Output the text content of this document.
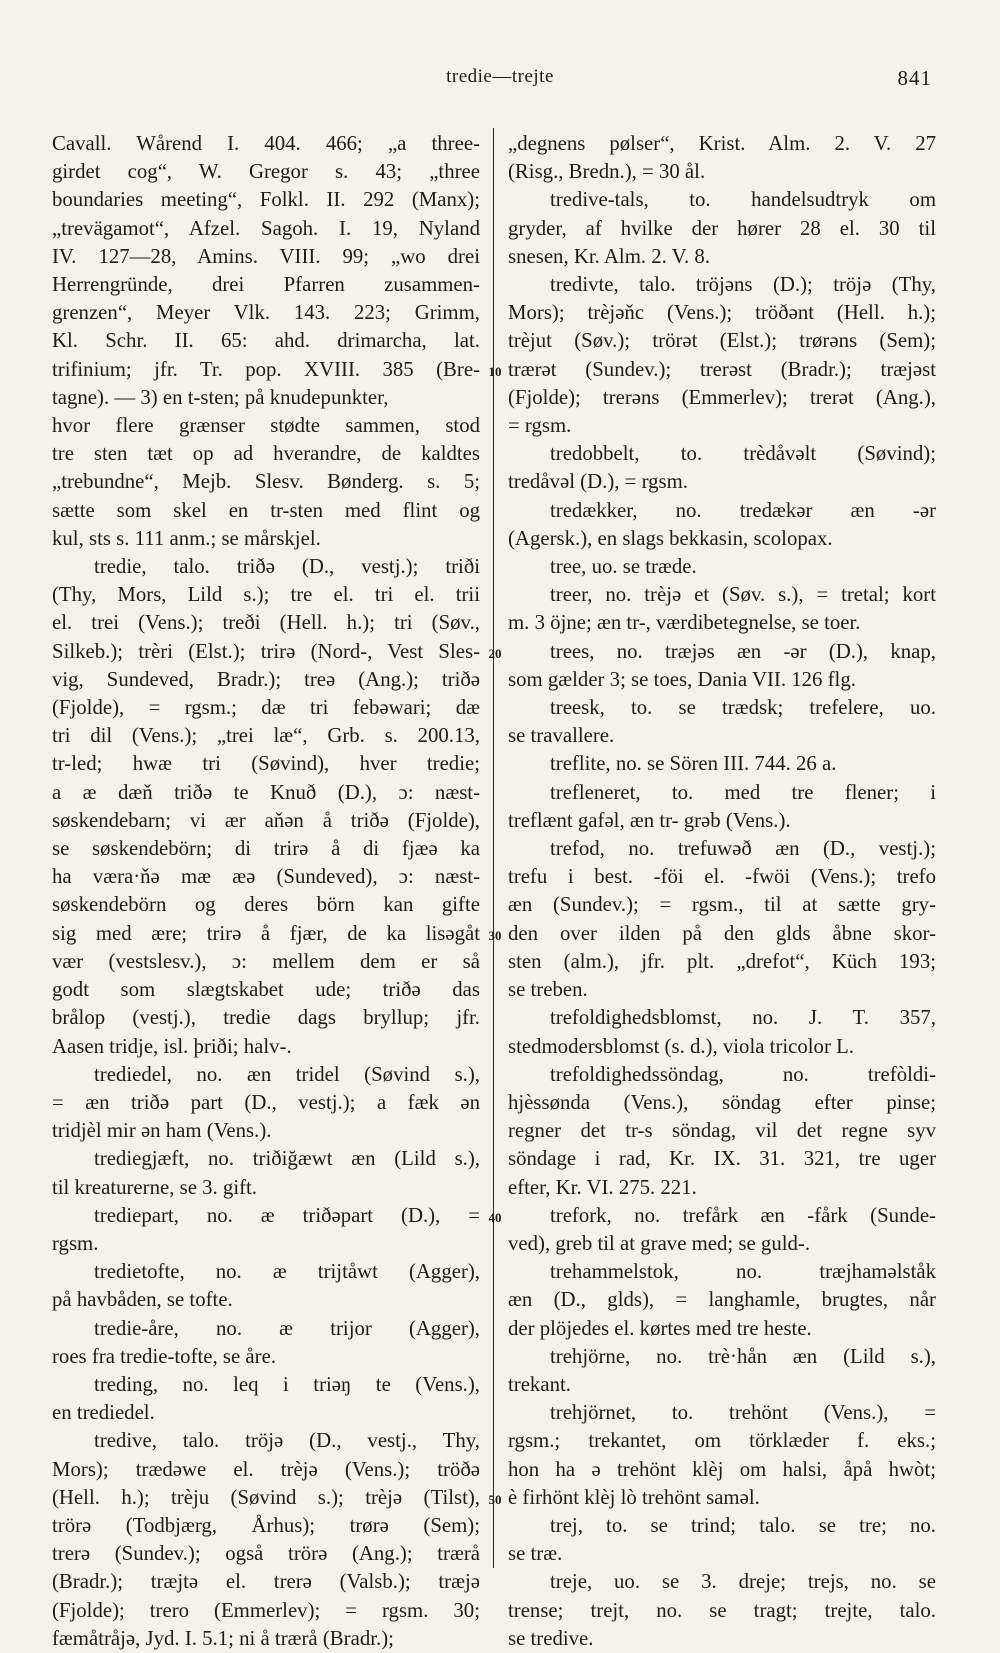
tredie—trejte	841
10
20
30
40
50
Cavall. Wårend I. 404. 466; „a three-
girdet cog“, W. Gregor s. 43; „three
boundaries meeting“, Folkl. II. 292 (Manx);
„trevägamot“, Afzel. Sagoh. I. 19, Nyland
IV. 127—28, Amins. VIII. 99; „wo drei
Herrengründe, drei Pfarren zusammen-
grenzen“, Meyer Vlk. 143. 223; Grimm,
Kl. Schr. II. 65: ahd. drimarcha, lat.
trifinium; jfr. Tr. pop. XVIII. 385 (Bre-
tagne). — 3) en t-sten; på knudepunkter,
hvor flere grænser stødte sammen, stod
tre sten tæt op ad hverandre, de kaldtes
„trebundne“, Mejb. Slesv. Bønderg. s. 5;
sætte som skel en tr-sten med flint og
kul, sts s. 111 anm.; se mårskjel.
tredie, talo. triðə (D., vestj.); triði
(Thy, Mors, Lild s.); tre el. tri el. trii
el. trei (Vens.); treði (Hell. h.); tri (Søv.,
Silkeb.); trèri (Elst.); trirə (Nord-, Vest Sles-
vig, Sundeved, Bradr.); treə (Ang.); triðə
(Fjolde), = rgsm.; dæ tri febəwari; dæ
tri dil (Vens.); „trei læ“, Grb. s. 200.13,
tr-led; hwæ tri (Søvind), hver tredie;
a æ dæň triðə te Knuð (D.), ɔ: næst-
søskendebarn; vi ær aňən å triðə (Fjolde),
se søskendebörn; di trirə å di fjæə ka
ha væra·ňə mæ æə (Sundeved), ɔ: næst-
søskendebörn og deres börn kan gifte
sig med ære; trirə å fjær, de ka lisəgåt
vær (vestslesv.), ɔ: mellem dem er så
godt som slægtskabet ude; triðə das
brålop (vestj.), tredie dags bryllup; jfr.
Aasen tridje, isl. þriði; halv-.
trediedel, no. æn tridel (Søvind s.),
= æn triðə part (D., vestj.); a fæk ən
tridjèl mir ən ham (Vens.).
trediegjæft, no. triðiğæwt æn (Lild s.),
til kreaturerne, se 3. gift.
trediepart, no. æ triðəpart (D.), =
rgsm.
tredietofte, no. æ trijtåwt (Agger),
på havbåden, se tofte.
tredie-åre, no. æ trijor (Agger),
roes fra tredie-tofte, se åre.
treding, no. leq i triəŋ te (Vens.),
en trediedel.
tredive, talo. tröjə (D., vestj., Thy,
Mors); trædəwe el. trèjə (Vens.); tröðə
(Hell. h.); trèju (Søvind s.); trèjə (Tilst),
trörə (Todbjærg, Århus); trørə (Sem);
trerə (Sundev.); også trörə (Ang.); trærå
(Bradr.); træjtə el. trerə (Valsb.); træjə
(Fjolde); trero (Emmerlev); = rgsm. 30;
fæmåtråjə, Jyd. I. 5.1; ni å trærå (Bradr.);
„degnens pølser“, Krist. Alm. 2. V. 27
(Risg., Bredn.), = 30 ål.
tredive-tals, to. handelsudtryk om
gryder, af hvilke der hører 28 el. 30 til
snesen, Kr. Alm. 2. V. 8.
tredivte, talo. tröjəns (D.); tröjə (Thy,
Mors); trèjəňc (Vens.); tröðənt (Hell. h.);
trèjut (Søv.); trörət (Elst.); trørəns (Sem);
trærət (Sundev.); trerəst (Bradr.); træjəst
(Fjolde); trerəns (Emmerlev); trerət (Ang.),
= rgsm.
tredobbelt, to. trèdåvəlt (Søvind);
tredåvəl (D.), = rgsm.
tredækker, no. tredækər æn -ər
(Agersk.), en slags bekkasin, scolopax.
tree, uo. se træde.
treer, no. trèjə et (Søv. s.), = tretal; kort
m. 3 öjne; æn tr-, værdibetegnelse, se toer.
trees, no. træjəs æn -ər (D.), knap,
som gælder 3; se toes, Dania VII. 126 flg.
treesk, to. se trædsk; trefelere, uo.
se travallere.
treflite, no. se Sören III. 744. 26 a.
trefleneret, to. med tre flener; i
treflænt gafəl, æn tr- grəb (Vens.).
trefod, no. trefuwəð æn (D., vestj.);
trefu i best. -föi el. -fwöi (Vens.); trefo
æn (Sundev.); = rgsm., til at sætte gry-
den over ilden på den glds åbne skor-
sten (alm.), jfr. plt. „drefot“, Küch 193;
se treben.
trefoldighedsblomst, no. J. T. 357,
stedmodersblomst (s. d.), viola tricolor L.
trefoldighedssöndag, no. trefòldi-
hjèssønda (Vens.), söndag efter pinse;
regner det tr-s söndag, vil det regne syv
söndage i rad, Kr. IX. 31. 321, tre uger
efter, Kr. VI. 275. 221.
trefork, no. trefårk æn -fårk (Sunde-
ved), greb til at grave med; se guld-.
trehammelstok, no. træjhaməlståk
æn (D., glds), = langhamle, brugtes, når
der plöjedes el. kørtes med tre heste.
trehjörne, no. trè·hån æn (Lild s.),
trekant.
trehjörnet, to. trehönt (Vens.), =
rgsm.; trekantet, om törklæder f. eks.;
hon ha ə trehönt klèj om halsi, åpå hwòt;
è firhönt klèj lò trehönt saməl.
trej, to. se trind; talo. se tre; no.
se træ.
treje, uo. se 3. dreje; trejs, no. se
trense; trejt, no. se tragt; trejte, talo.
se tredive.
